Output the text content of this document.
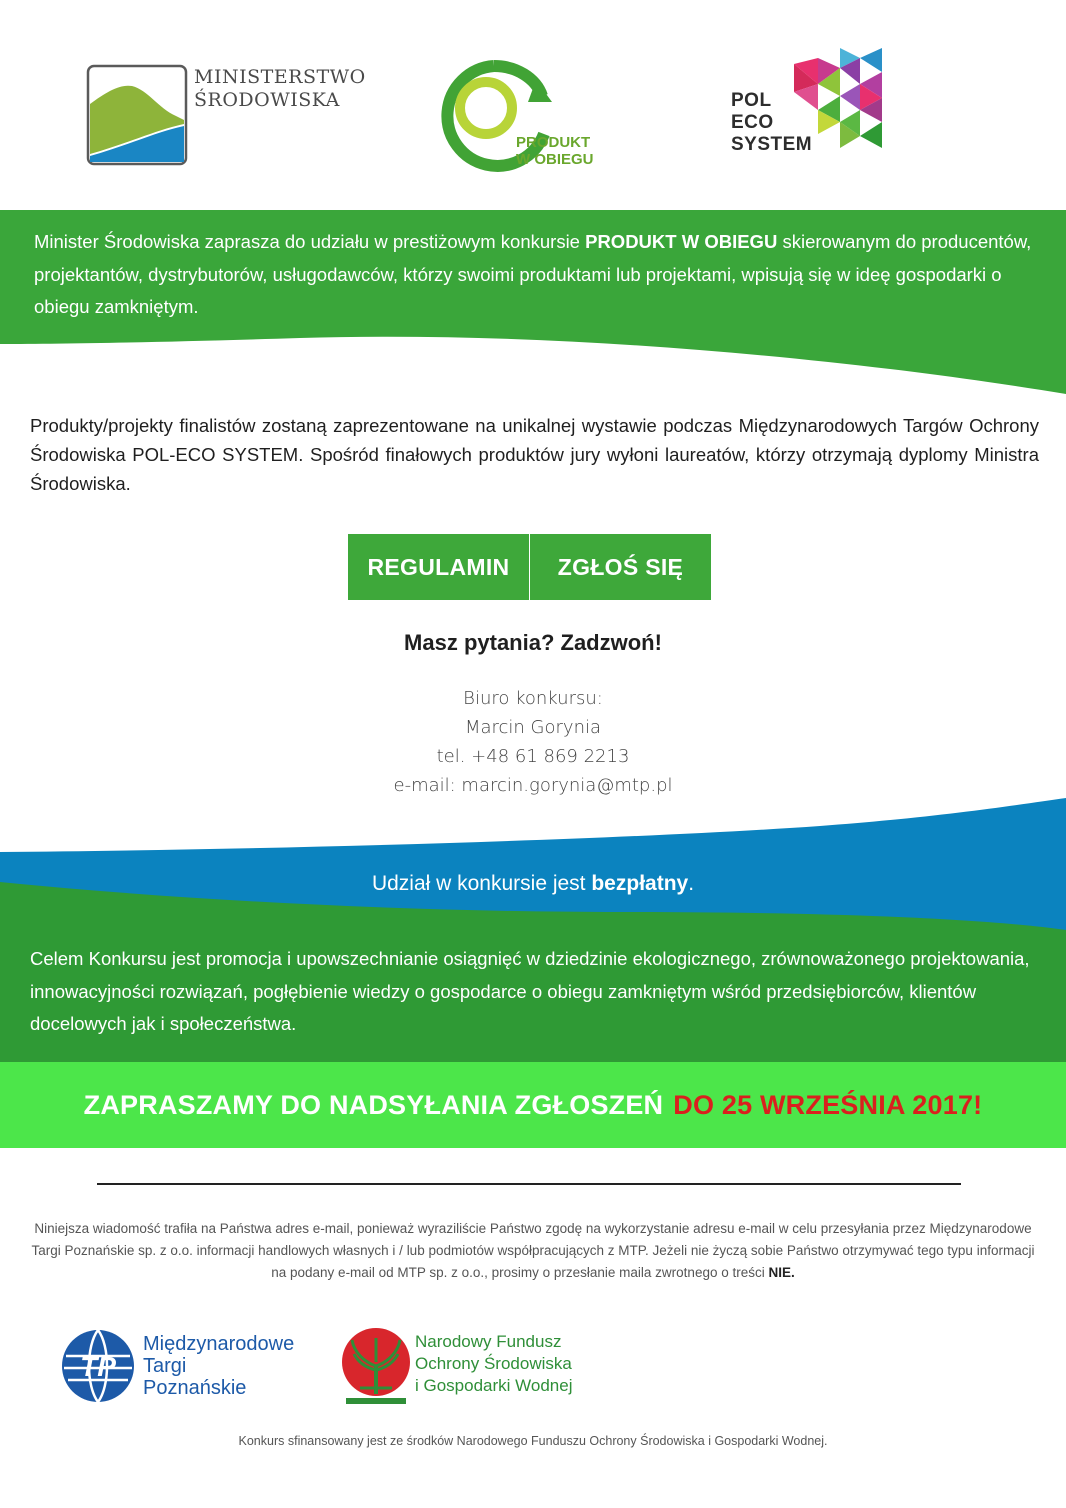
MINISTERSTWO
ŚRODOWISKA
PRODUKT
W OBIEGU
POL
ECO
SYSTEM
Minister Środowiska zaprasza do udziału w prestiżowym konkursie PRODUKT W OBIEGU skierowanym do producentów, projektantów, dystrybutorów, usługodawców, którzy swoimi produktami lub projektami, wpisują się w ideę gospodarki o obiegu zamkniętym.
Produkty/projekty finalistów zostaną zaprezentowane na unikalnej wystawie podczas Międzynarodowych Targów Ochrony Środowiska POL-ECO SYSTEM. Spośród finałowych produktów jury wyłoni laureatów, którzy otrzymają dyplomy Ministra Środowiska.
REGULAMIN	ZGŁOŚ SIĘ
Masz pytania? Zadzwoń!
Biuro konkursu:
Marcin Gorynia
tel. +48 61 869 2213
e-mail: marcin.gorynia@mtp.pl
Udział w konkursie jest bezpłatny.
Celem Konkursu jest promocja i upowszechnianie osiągnięć w dziedzinie ekologicznego, zrównoważonego projektowania, innowacyjności rozwiązań, pogłębienie wiedzy o gospodarce o obiegu zamkniętym wśród przedsiębiorców, klientów docelowych jak i społeczeństwa.
ZAPRASZAMY DO NADSYŁANIA ZGŁOSZEŃ DO 25 WRZEŚNIA 2017!
Niniejsza wiadomość trafiła na Państwa adres e-mail, ponieważ wyraziliście Państwo zgodę na wykorzystanie adresu e-mail w celu przesyłania przez Międzynarodowe Targi Poznańskie sp. z o.o. informacji handlowych własnych i / lub podmiotów współpracujących z MTP. Jeżeli nie życzą sobie Państwo otrzymywać tego typu informacji na podany e-mail od MTP sp. z o.o., prosimy o przesłanie maila zwrotnego o treści NIE.
TP
Międzynarodowe
Targi
Poznańskie
Narodowy Fundusz
Ochrony Środowiska
i Gospodarki Wodnej
Konkurs sfinansowany jest ze środków Narodowego Funduszu Ochrony Środowiska i Gospodarki Wodnej.
